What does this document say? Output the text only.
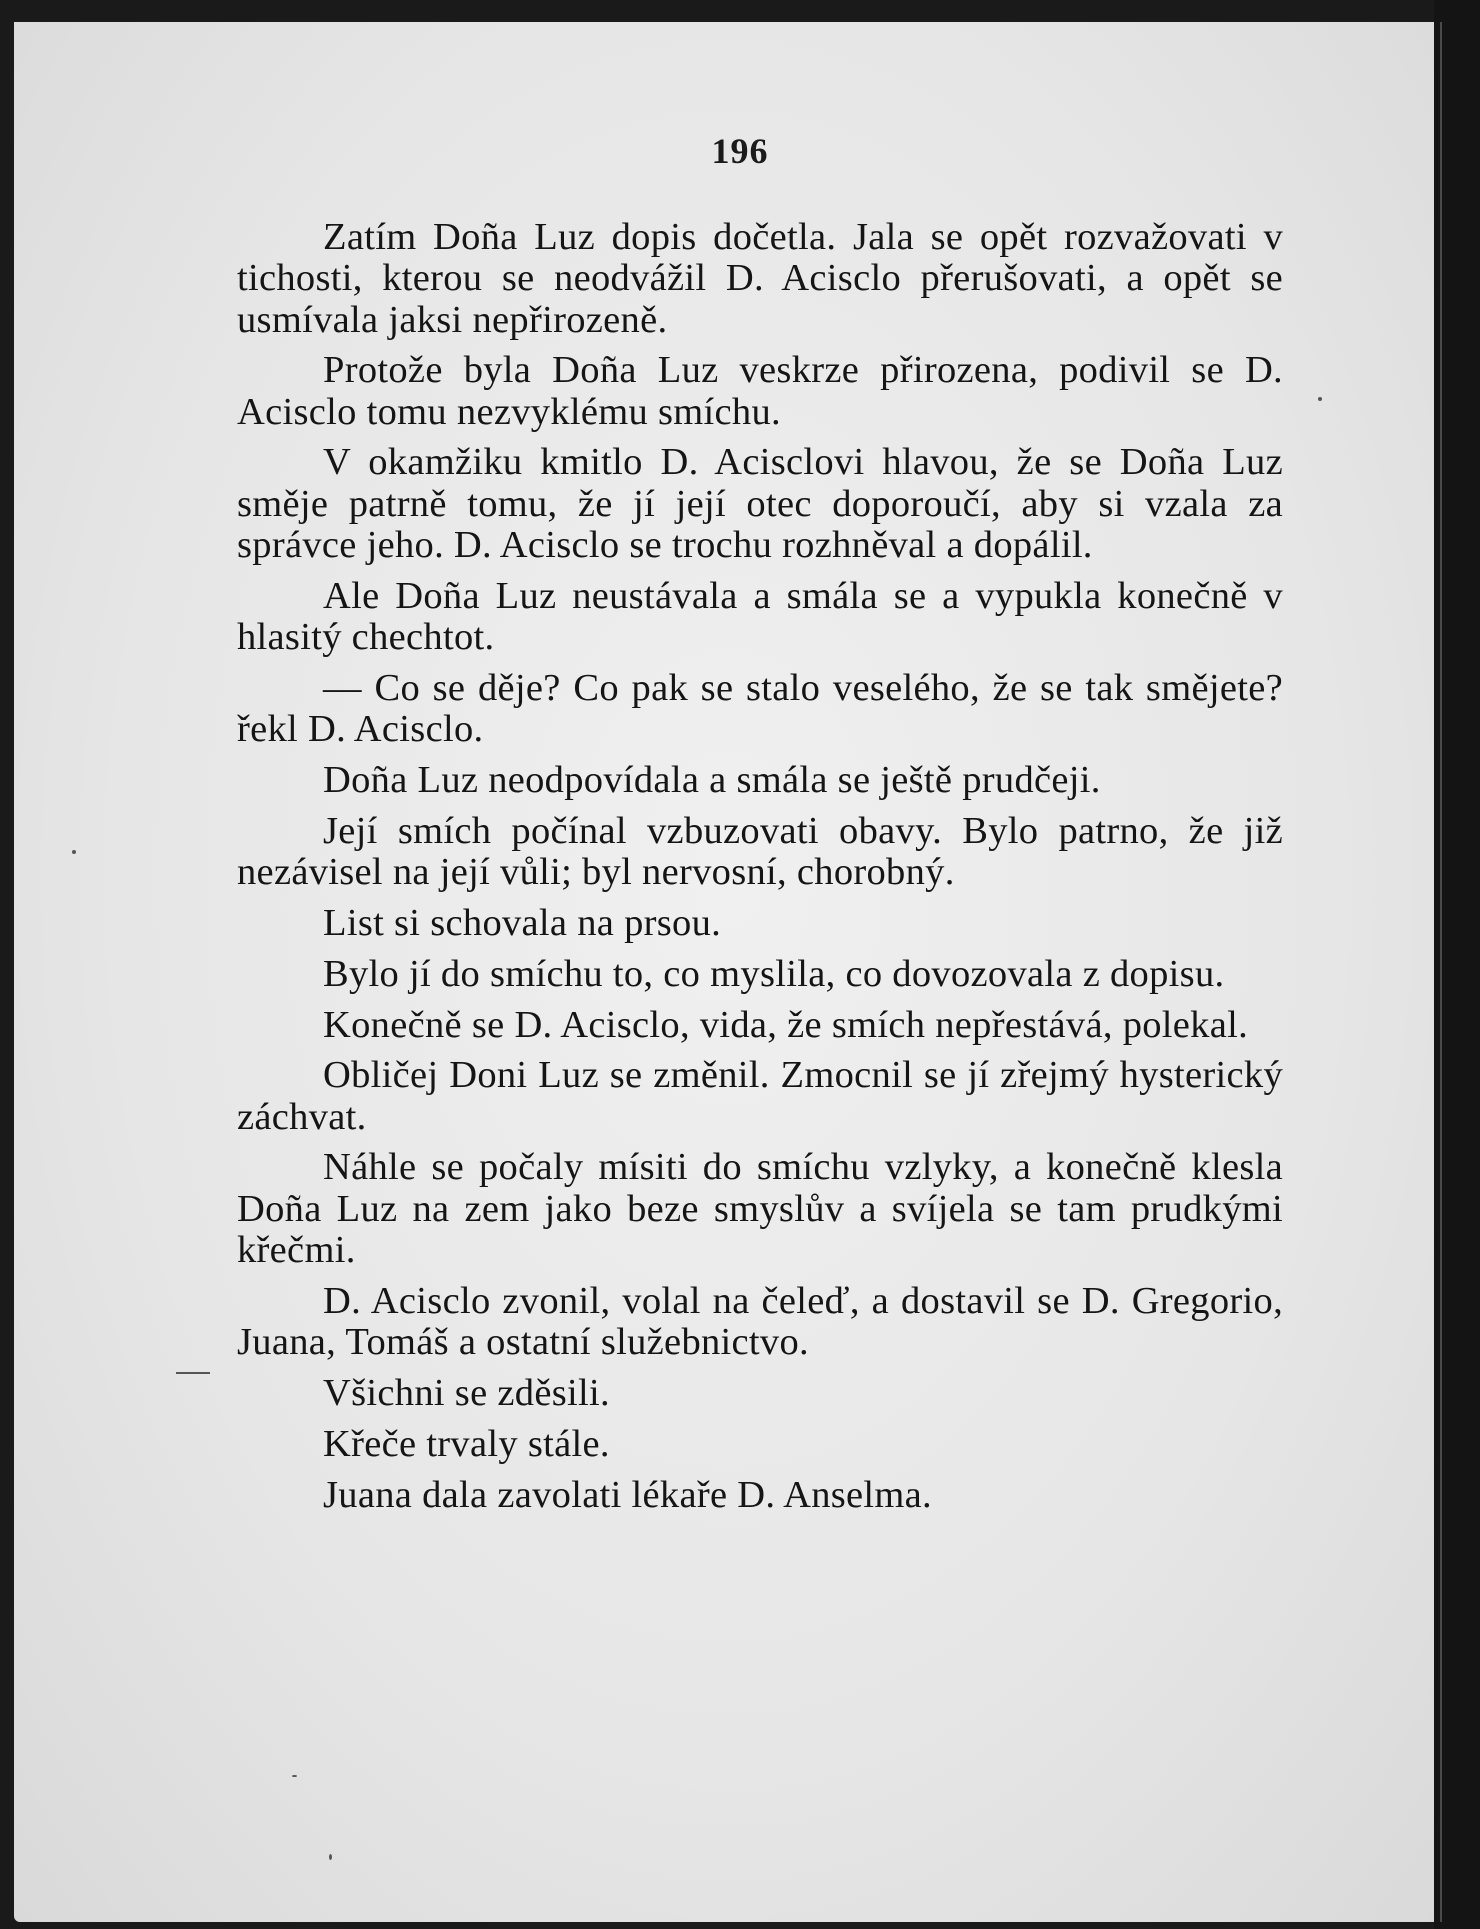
196

Zatím Doña Luz dopis dočetla. Jala se opět rozvažovati v tichosti, kterou se neodvážil D. Acisclo přerušovati, a opět se usmívala jaksi nepřirozeně.

Protože byla Doña Luz veskrze přirozena, podivil se D. Acisclo tomu nezvyklému smíchu.

V okamžiku kmitlo D. Acisclovi hlavou, že se Doña Luz směje patrně tomu, že jí její otec doporoučí, aby si vzala za správce jeho. D. Acisclo se trochu rozhněval a dopálil.

Ale Doña Luz neustávala a smála se a vypukla konečně v hlasitý chechtot.

— Co se děje? Co pak se stalo veselého, že se tak smějete? řekl D. Acisclo.

Doña Luz neodpovídala a smála se ještě prudčeji.

Její smích počínal vzbuzovati obavy. Bylo patrno, že již nezávisel na její vůli; byl nervosní, chorobný.

List si schovala na prsou.

Bylo jí do smíchu to, co myslila, co dovozovala z dopisu.

Konečně se D. Acisclo, vida, že smích nepřestává, polekal.

Obličej Doni Luz se změnil. Zmocnil se jí zřejmý hysterický záchvat.

Náhle se počaly mísiti do smíchu vzlyky, a konečně klesla Doña Luz na zem jako beze smyslův a svíjela se tam prudkými křečmi.

D. Acisclo zvonil, volal na čeleď, a dostavil se D. Gregorio, Juana, Tomáš a ostatní služebnictvo.

Všichni se zděsili.

Křeče trvaly stále.

Juana dala zavolati lékaře D. Anselma.
